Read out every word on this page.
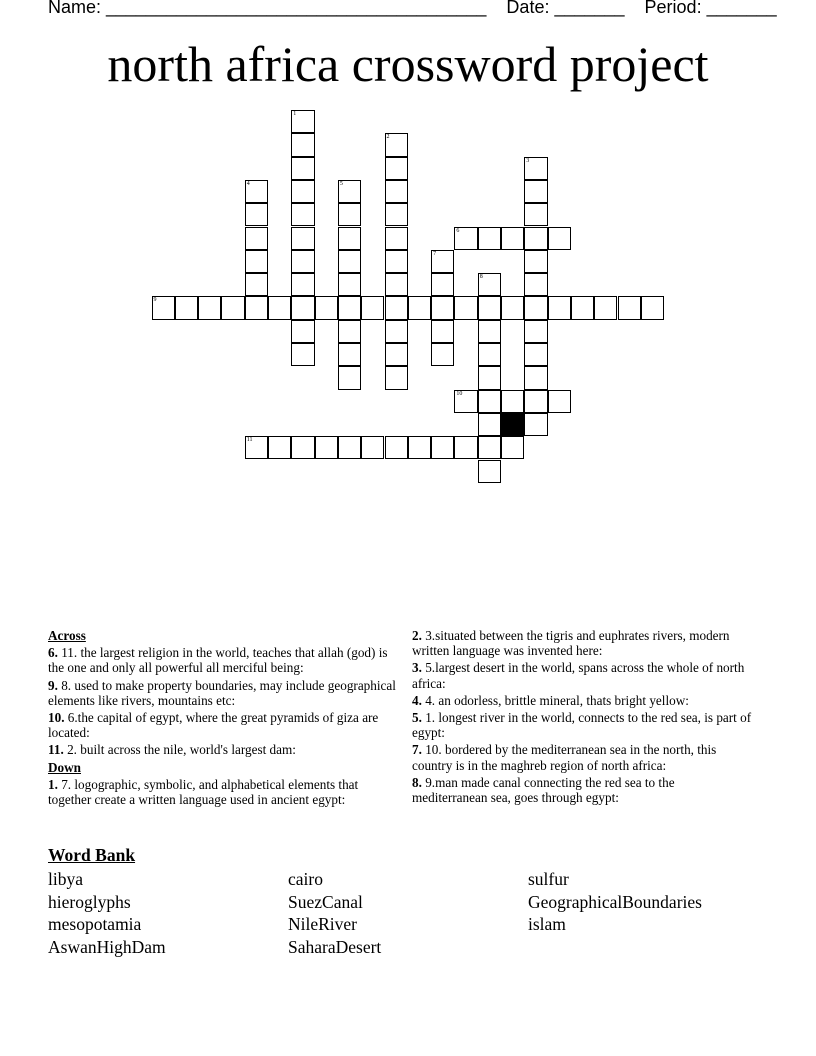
Name: ______________________________________    Date: _______    Period: _______
north africa crossword project
1
2
3
4	5
6
7
8
9
10
11
Across
6. 11. the largest religion in the world, teaches that allah (god) is the one and only all powerful all merciful being:
9. 8. used to make property boundaries, may include geographical elements like rivers, mountains etc:
10. 6.the capital of egypt, where the great pyramids of giza are located:
11. 2. built across the nile, world's largest dam:
Down
1. 7. logographic, symbolic, and alphabetical elements that together create a written language used in ancient egypt:
2. 3.situated between the tigris and euphrates rivers, modern written language was invented here:
3. 5.largest desert in the world, spans across the whole of north africa:
4. 4. an odorless, brittle mineral, thats bright yellow:
5. 1. longest river in the world, connects to the red sea, is part of egypt:
7. 10. bordered by the mediterranean sea in the north, this country is in the maghreb region of north africa:
8. 9.man made canal connecting the red sea to the mediterranean sea, goes through egypt:
Word Bank
libya	cairo	sulfur
hieroglyphs	SuezCanal	GeographicalBoundaries
mesopotamia	NileRiver	islam
AswanHighDam	SaharaDesert
